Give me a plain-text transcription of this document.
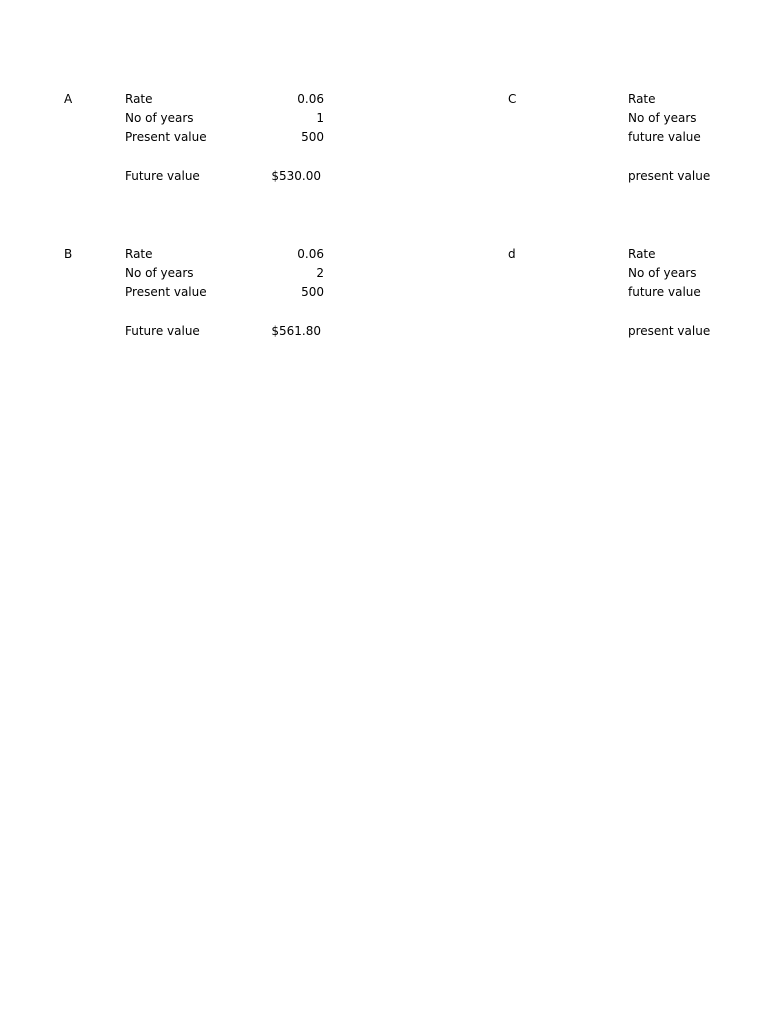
A	Rate	0.06
No of years	1
Present value	500
Future value	$530.00
B	Rate	0.06
No of years	2
Present value	500
Future value	$561.80
C	Rate
No of years
future value
present value
d	Rate
No of years
future value
present value
